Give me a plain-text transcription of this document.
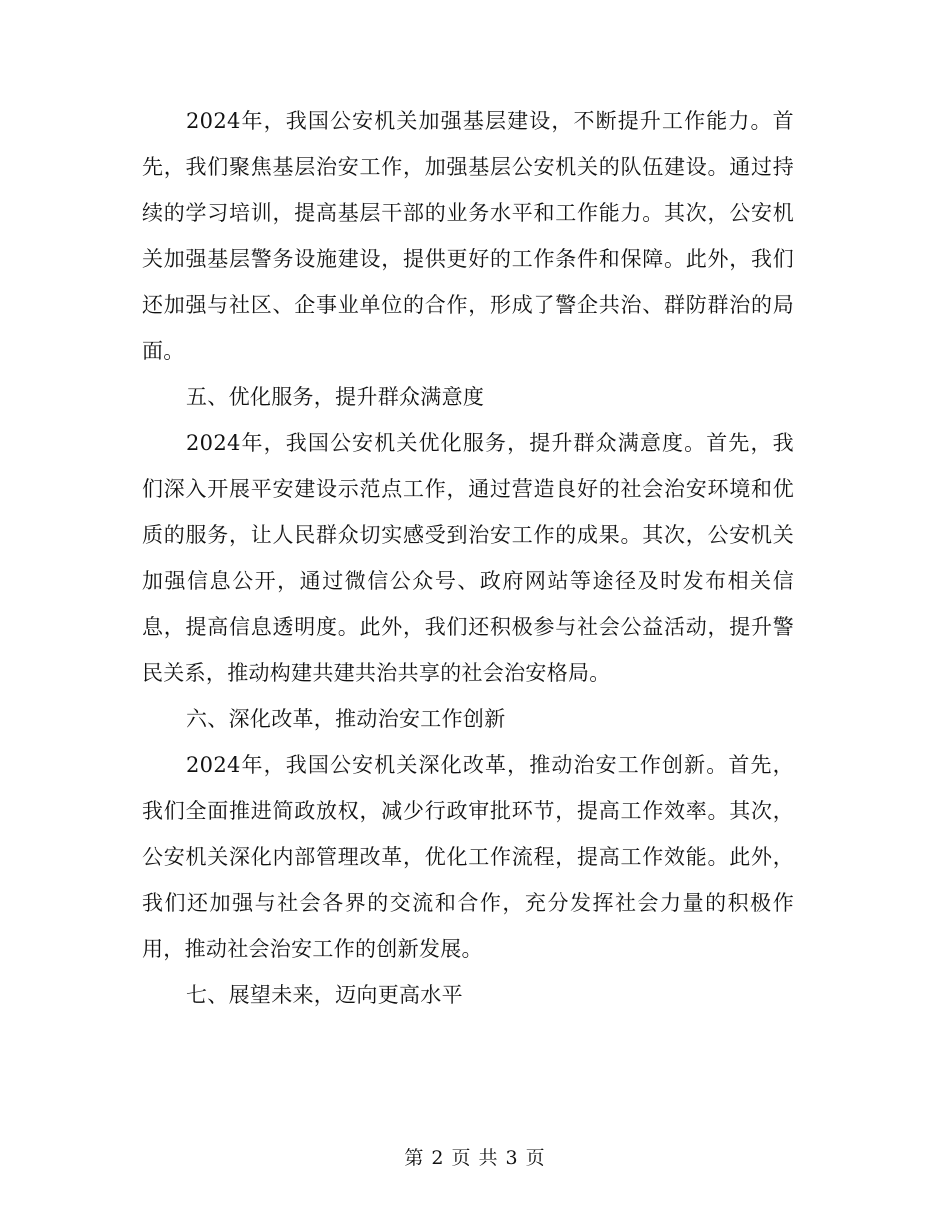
2024年，我国公安机关加强基层建设，不断提升工作能力。首先，我们聚焦基层治安工作，加强基层公安机关的队伍建设。通过持续的学习培训，提高基层干部的业务水平和工作能力。其次，公安机关加强基层警务设施建设，提供更好的工作条件和保障。此外，我们还加强与社区、企事业单位的合作，形成了警企共治、群防群治的局面。

五、优化服务，提升群众满意度

2024年，我国公安机关优化服务，提升群众满意度。首先，我们深入开展平安建设示范点工作，通过营造良好的社会治安环境和优质的服务，让人民群众切实感受到治安工作的成果。其次，公安机关加强信息公开，通过微信公众号、政府网站等途径及时发布相关信息，提高信息透明度。此外，我们还积极参与社会公益活动，提升警民关系，推动构建共建共治共享的社会治安格局。

六、深化改革，推动治安工作创新

2024年，我国公安机关深化改革，推动治安工作创新。首先，我们全面推进简政放权，减少行政审批环节，提高工作效率。其次，公安机关深化内部管理改革，优化工作流程，提高工作效能。此外，我们还加强与社会各界的交流和合作，充分发挥社会力量的积极作用，推动社会治安工作的创新发展。

七、展望未来，迈向更高水平

第 2 页 共 3 页
